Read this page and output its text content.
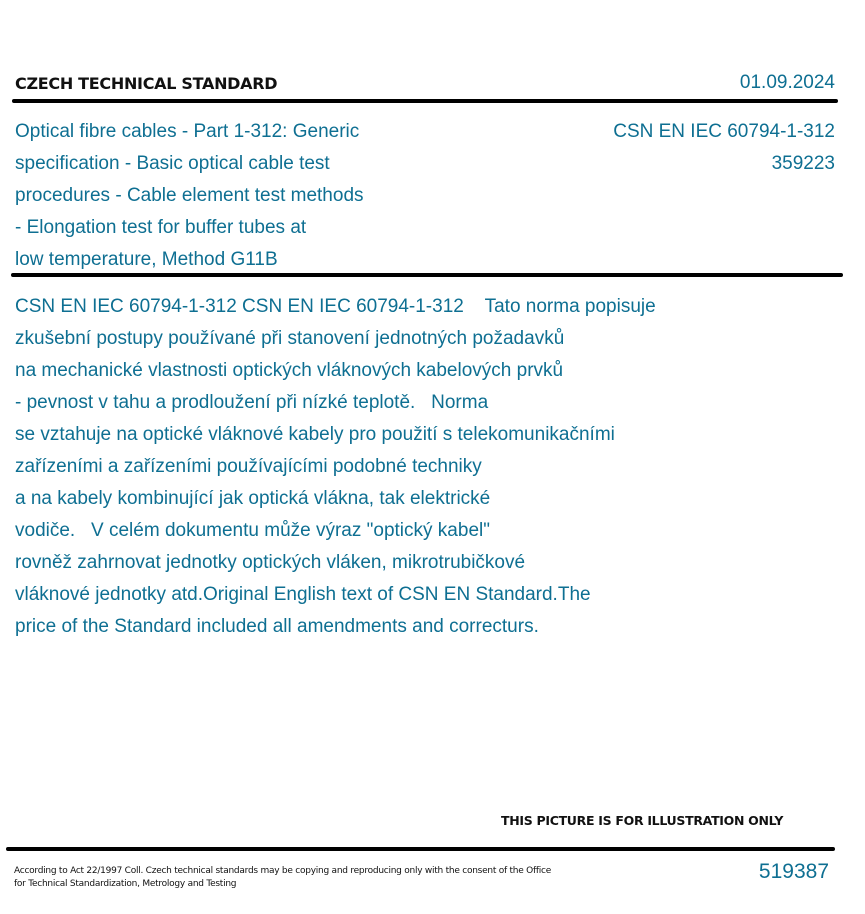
CZECH TECHNICAL STANDARD	01.09.2024
Optical fibre cables - Part 1-312: Generic
specification - Basic optical cable test
procedures - Cable element test methods
- Elongation test for buffer tubes at
low temperature, Method G11B
CSN EN IEC 60794-1-312
359223
CSN EN IEC 60794-1-312 CSN EN IEC 60794-1-312    Tato norma popisuje
zkušební postupy používané při stanovení jednotných požadavků
na mechanické vlastnosti optických vláknových kabelových prvků
- pevnost v tahu a prodloužení při nízké teplotě.   Norma
se vztahuje na optické vláknové kabely pro použití s telekomunikačními
zařízeními a zařízeními používajícími podobné techniky
a na kabely kombinující jak optická vlákna, tak elektrické
vodiče.   V celém dokumentu může výraz "optický kabel"
rovněž zahrnovat jednotky optických vláken, mikrotrubičkové
vláknové jednotky atd.Original English text of CSN EN Standard.The
price of the Standard included all amendments and correcturs.
THIS PICTURE IS FOR ILLUSTRATION ONLY
According to Act 22/1997 Coll. Czech technical standards may be copying and reproducing only with the consent of the Office
for Technical Standardization, Metrology and Testing
519387
